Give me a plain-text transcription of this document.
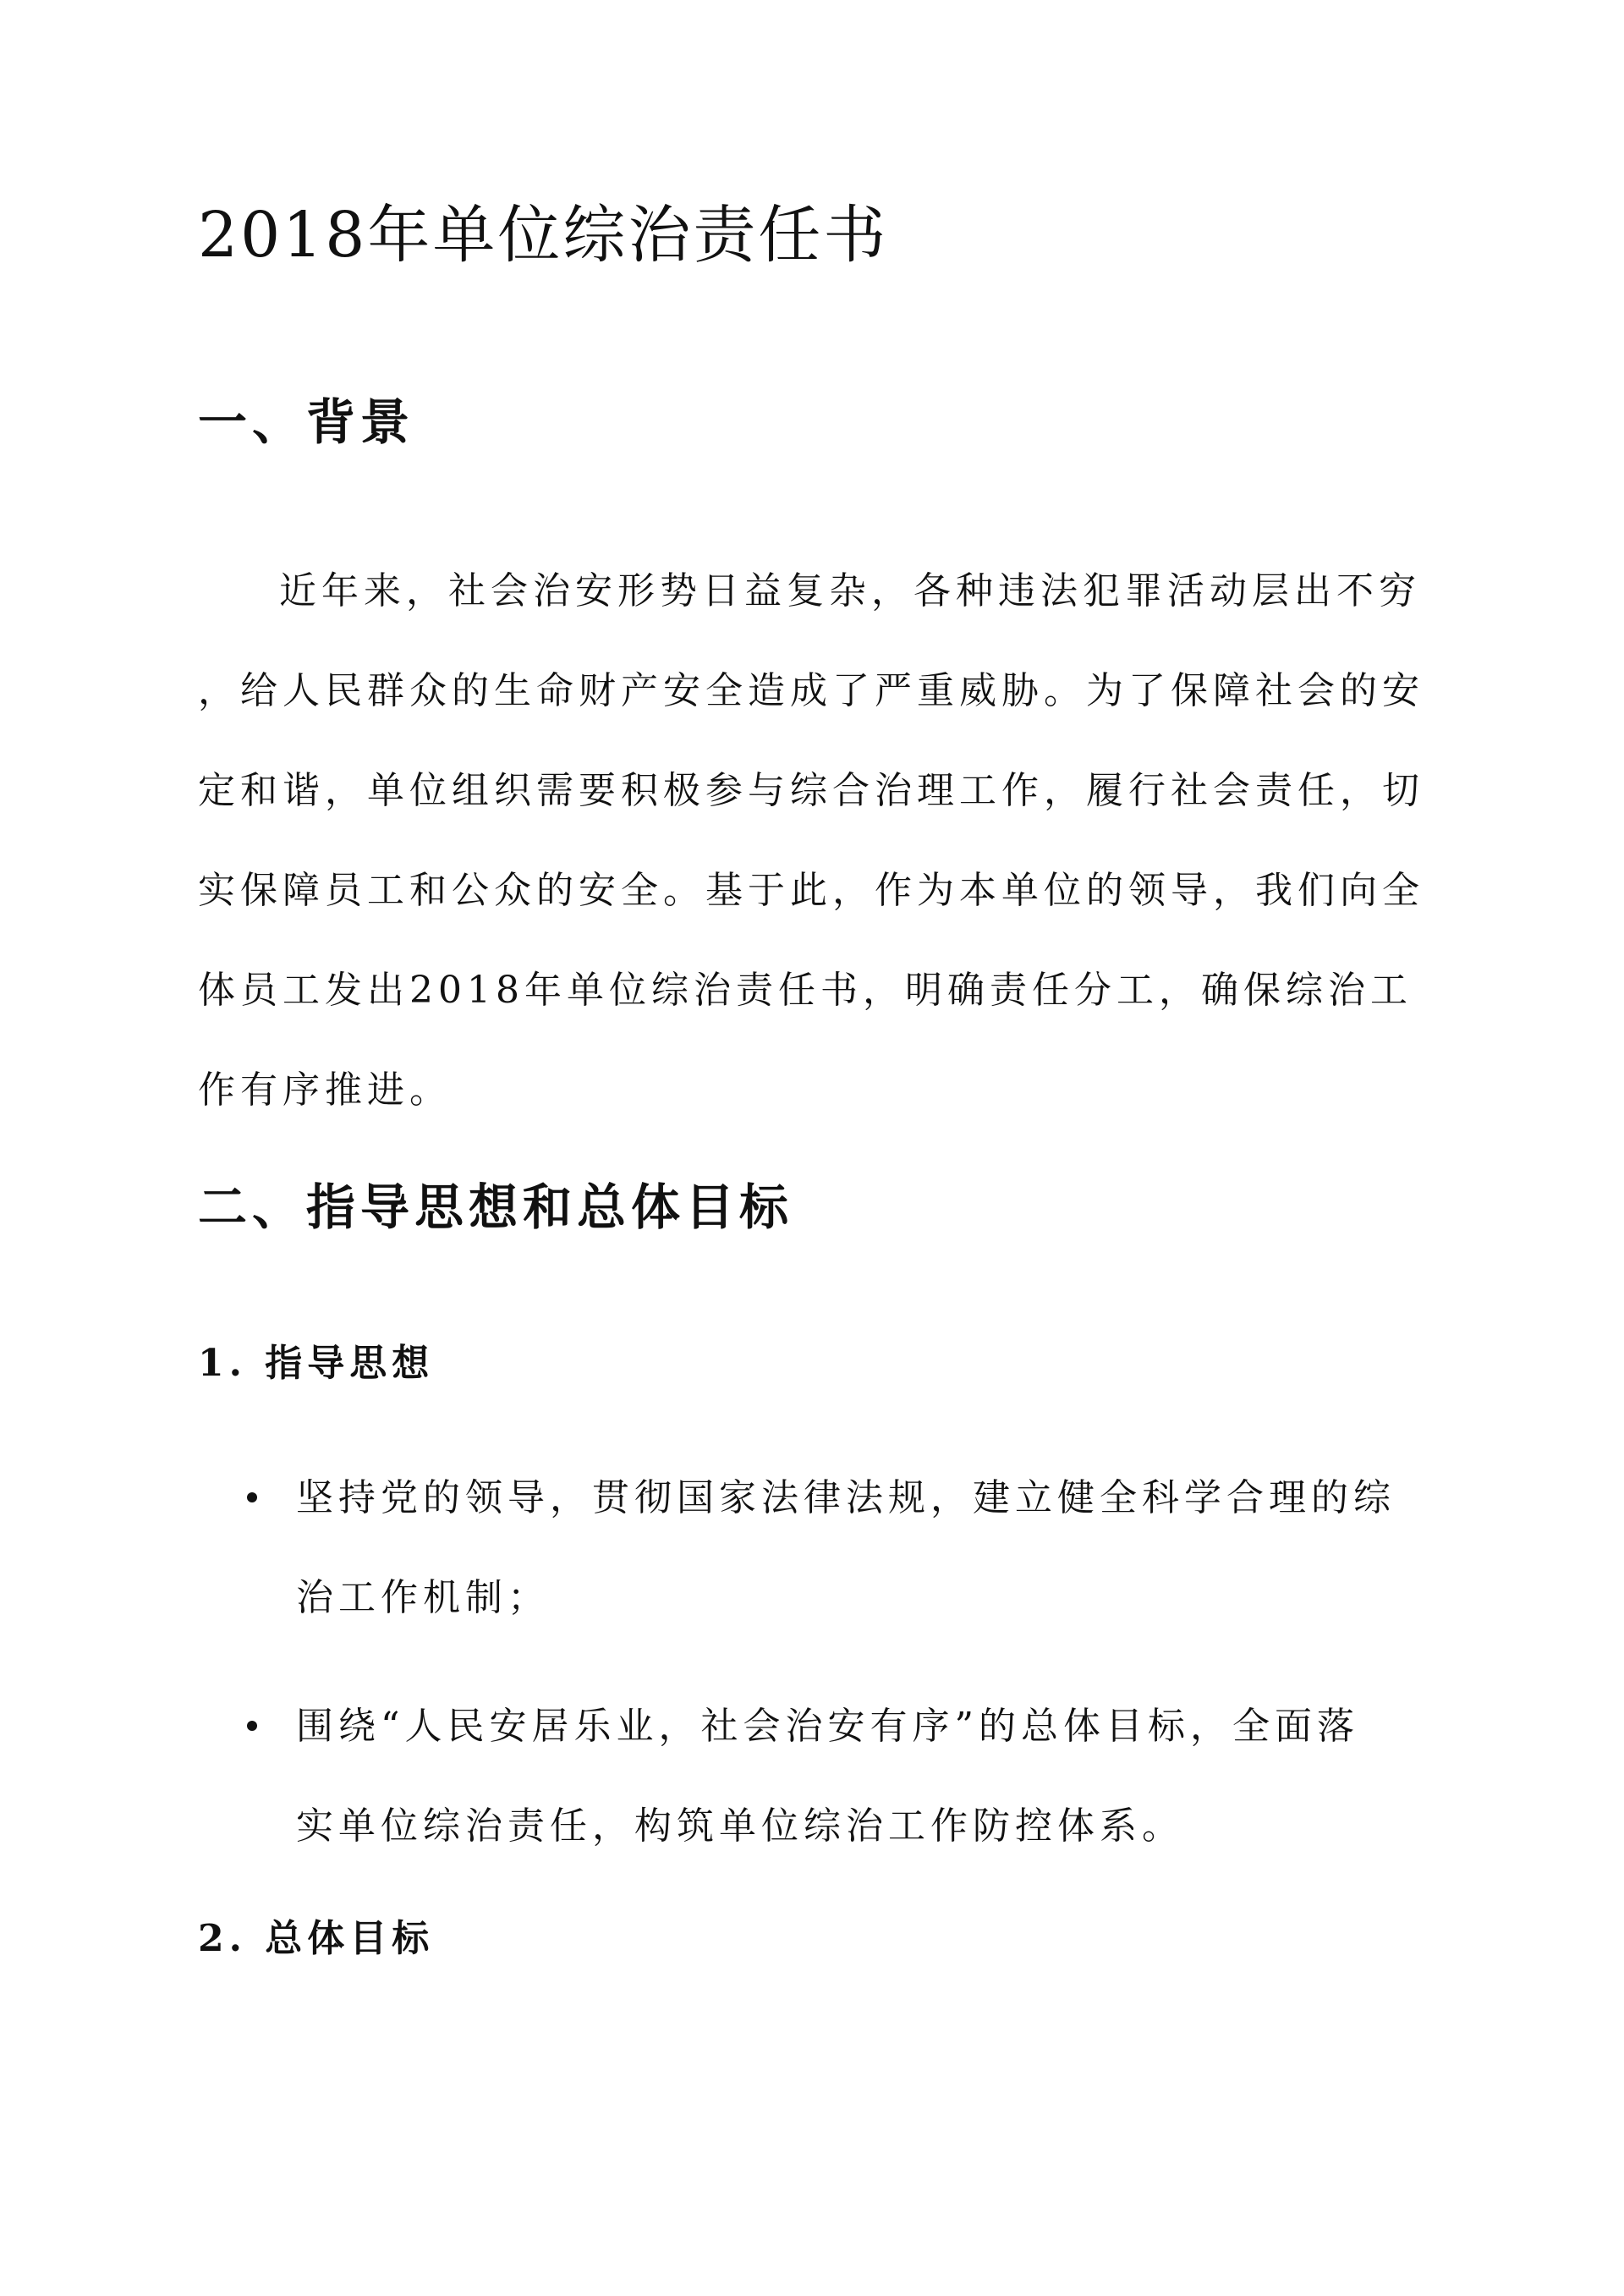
2018年单位综治责任书
一、背景
近年来，社会治安形势日益复杂，各种违法犯罪活动层出不穷
，给人民群众的生命财产安全造成了严重威胁。为了保障社会的安
定和谐，单位组织需要积极参与综合治理工作，履行社会责任，切
实保障员工和公众的安全。基于此，作为本单位的领导，我们向全
体员工发出2018年单位综治责任书，明确责任分工，确保综治工
作有序推进。
二、指导思想和总体目标
1. 指导思想
坚持党的领导，贯彻国家法律法规，建立健全科学合理的综
治工作机制；
围绕“人民安居乐业，社会治安有序”的总体目标，全面落
实单位综治责任，构筑单位综治工作防控体系。
2. 总体目标
